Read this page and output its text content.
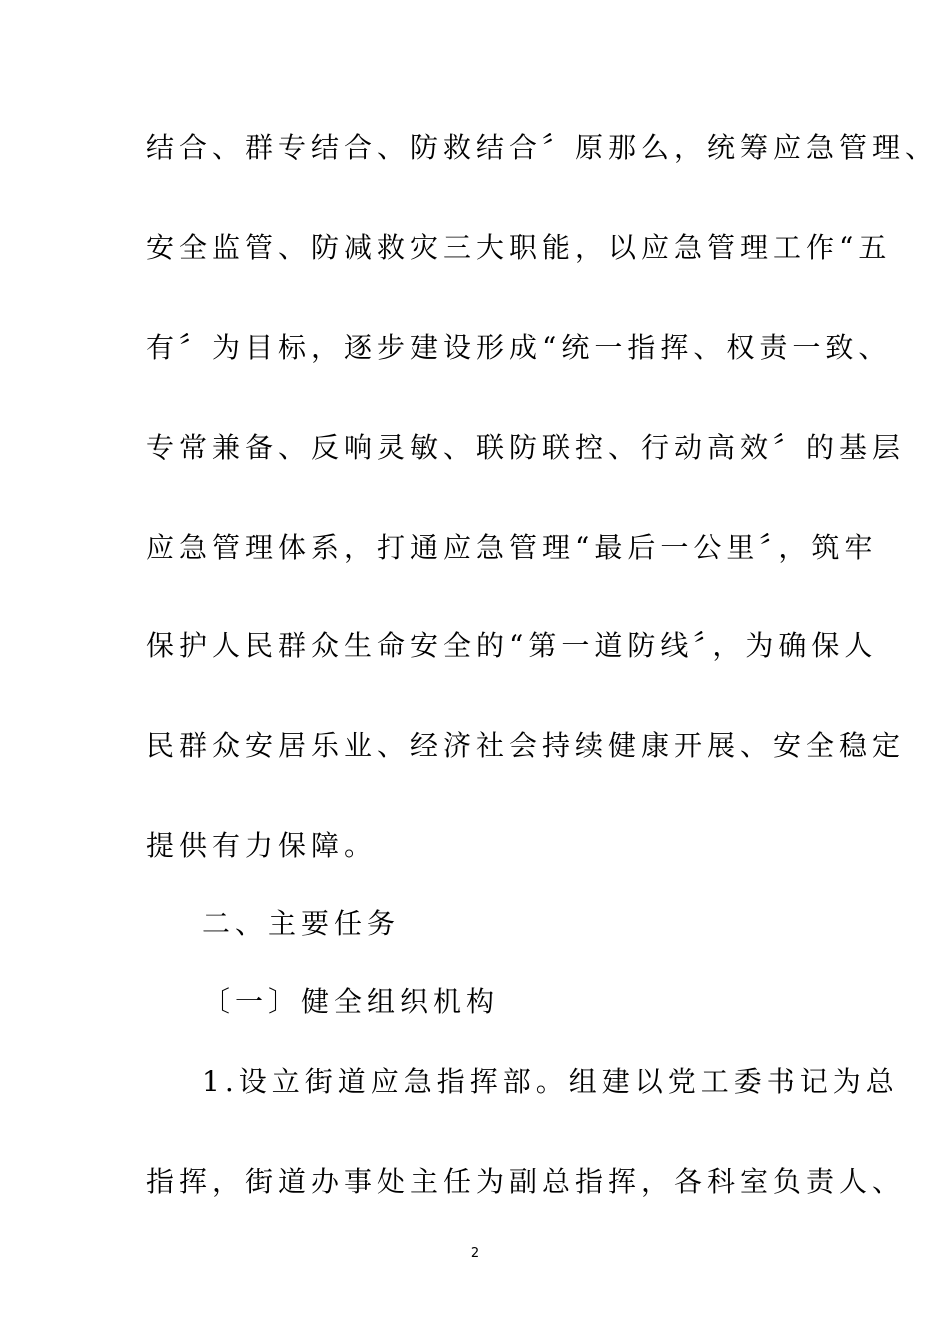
结合、群专结合、防救结合〞原那么，统筹应急管理、
安全监管、防减救灾三大职能，以应急管理工作“五
有〞为目标，逐步建设形成“统一指挥、权责一致、
专常兼备、反响灵敏、联防联控、行动高效〞的基层
应急管理体系，打通应急管理“最后一公里〞，筑牢
保护人民群众生命安全的“第一道防线〞，为确保人
民群众安居乐业、经济社会持续健康开展、安全稳定
提供有力保障。
二、主要任务
〔一〕健全组织机构
1.设立街道应急指挥部。组建以党工委书记为总
指挥，街道办事处主任为副总指挥，各科室负责人、
2
